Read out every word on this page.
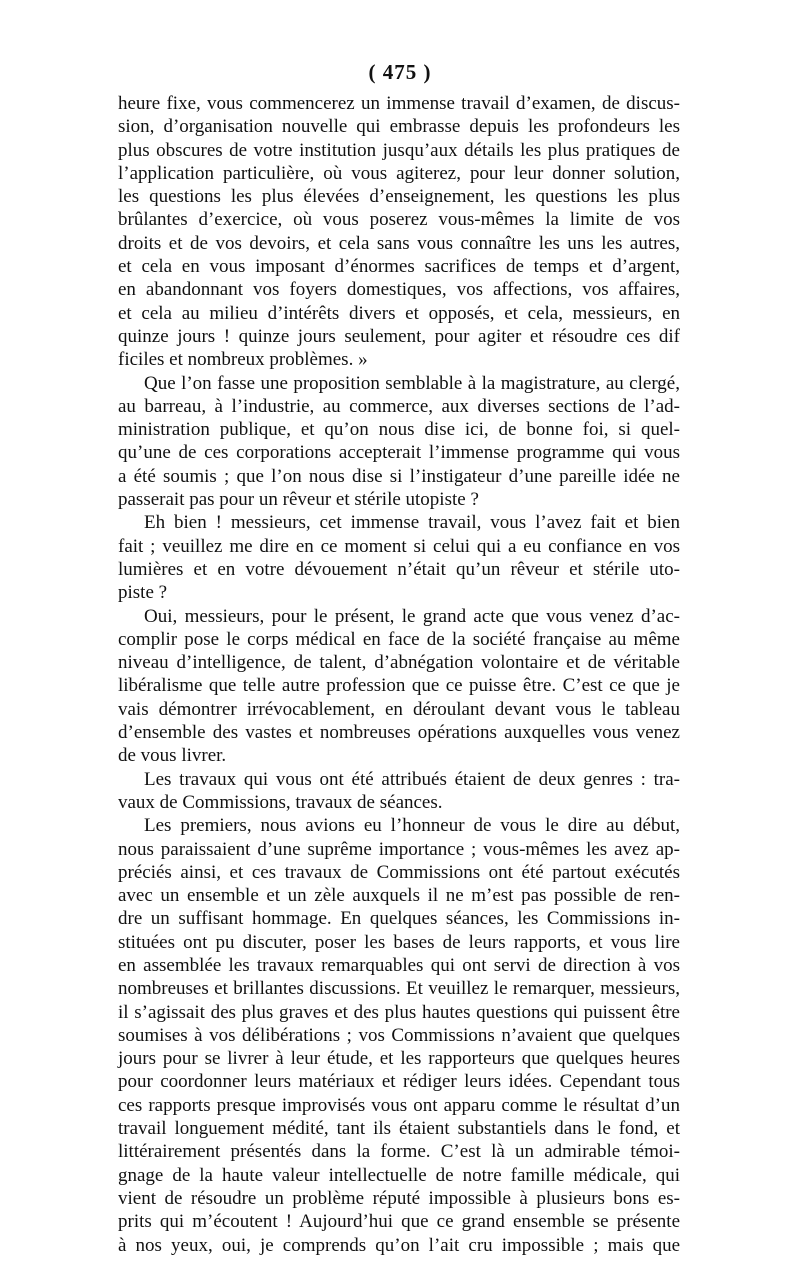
( 475 )
heure fixe, vous commencerez un immense travail d’examen, de discus-
sion, d’organisation nouvelle qui embrasse depuis les profondeurs les
plus obscures de votre institution jusqu’aux détails les plus pratiques de
l’application particulière, où vous agiterez, pour leur donner solution,
les questions les plus élevées d’enseignement, les questions les plus
brûlantes d’exercice, où vous poserez vous-mêmes la limite de vos
droits et de vos devoirs, et cela sans vous connaître les uns les autres,
et cela en vous imposant d’énormes sacrifices de temps et d’argent,
en abandonnant vos foyers domestiques, vos affections, vos affaires,
et cela au milieu d’intérêts divers et opposés, et cela, messieurs, en
quinze jours ! quinze jours seulement, pour agiter et résoudre ces dif
ficiles et nombreux problèmes. »
Que l’on fasse une proposition semblable à la magistrature, au clergé,
au barreau, à l’industrie, au commerce, aux diverses sections de l’ad-
ministration publique, et qu’on nous dise ici, de bonne foi, si quel-
qu’une de ces corporations accepterait l’immense programme qui vous
a été soumis ; que l’on nous dise si l’instigateur d’une pareille idée ne
passerait pas pour un rêveur et stérile utopiste ?
Eh bien ! messieurs, cet immense travail, vous l’avez fait et bien
fait ; veuillez me dire en ce moment si celui qui a eu confiance en vos
lumières et en votre dévouement n’était qu’un rêveur et stérile uto-
piste ?
Oui, messieurs, pour le présent, le grand acte que vous venez d’ac-
complir pose le corps médical en face de la société française au même
niveau d’intelligence, de talent, d’abnégation volontaire et de véritable
libéralisme que telle autre profession que ce puisse être. C’est ce que je
vais démontrer irrévocablement, en déroulant devant vous le tableau
d’ensemble des vastes et nombreuses opérations auxquelles vous venez
de vous livrer.
Les travaux qui vous ont été attribués étaient de deux genres : tra-
vaux de Commissions, travaux de séances.
Les premiers, nous avions eu l’honneur de vous le dire au début,
nous paraissaient d’une suprême importance ; vous-mêmes les avez ap-
préciés ainsi, et ces travaux de Commissions ont été partout exécutés
avec un ensemble et un zèle auxquels il ne m’est pas possible de ren-
dre un suffisant hommage. En quelques séances, les Commissions in-
stituées ont pu discuter, poser les bases de leurs rapports, et vous lire
en assemblée les travaux remarquables qui ont servi de direction à vos
nombreuses et brillantes discussions. Et veuillez le remarquer, messieurs,
il s’agissait des plus graves et des plus hautes questions qui puissent être
soumises à vos délibérations ; vos Commissions n’avaient que quelques
jours pour se livrer à leur étude, et les rapporteurs que quelques heures
pour coordonner leurs matériaux et rédiger leurs idées. Cependant tous
ces rapports presque improvisés vous ont apparu comme le résultat d’un
travail longuement médité, tant ils étaient substantiels dans le fond, et
littérairement présentés dans la forme. C’est là un admirable témoi-
gnage de la haute valeur intellectuelle de notre famille médicale, qui
vient de résoudre un problème réputé impossible à plusieurs bons es-
prits qui m’écoutent ! Aujourd’hui que ce grand ensemble se présente
à nos yeux, oui, je comprends qu’on l’ait cru impossible ; mais que
